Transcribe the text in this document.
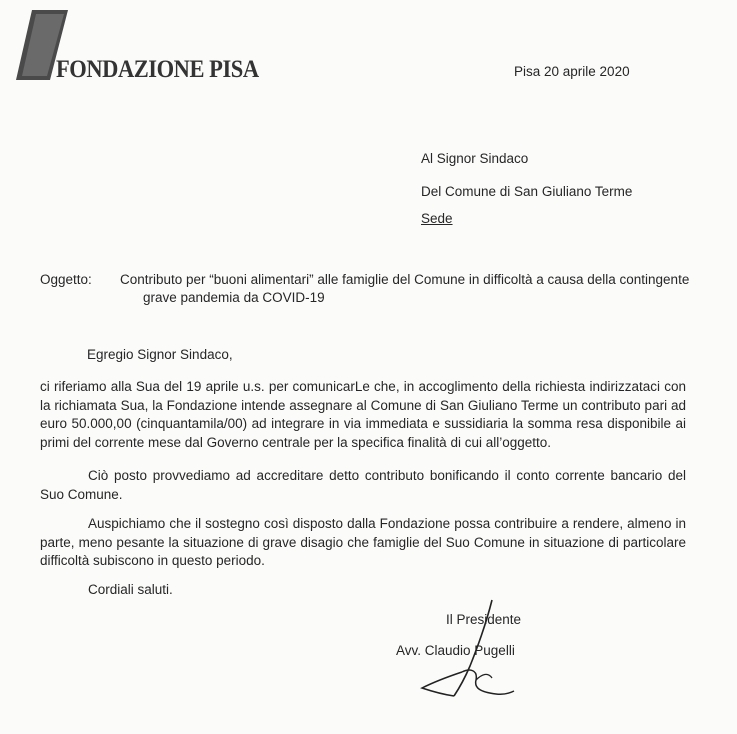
FONDAZIONE PISA	Pisa 20 aprile 2020
Al Signor Sindaco
Del Comune di San Giuliano Terme
Sede
Oggetto: Contributo per “buoni alimentari” alle famiglie del Comune in difficoltà a causa della contingente
grave pandemia da COVID-19
Egregio Signor Sindaco,
ci riferiamo alla Sua del 19 aprile u.s. per comunicarLe che, in accoglimento della richiesta indirizzataci con la richiamata Sua, la Fondazione intende assegnare al Comune di San Giuliano Terme un contributo pari ad euro 50.000,00 (cinquantamila/00) ad integrare in via immediata e sussidiaria la somma resa disponibile ai primi del corrente mese dal Governo centrale per la specifica finalità di cui all’oggetto.
Ciò posto provvediamo ad accreditare detto contributo bonificando il conto corrente bancario del Suo Comune.
Auspichiamo che il sostegno così disposto dalla Fondazione possa contribuire a rendere, almeno in parte, meno pesante la situazione di grave disagio che famiglie del Suo Comune in situazione di particolare difficoltà subiscono in questo periodo.
Cordiali saluti.
Il Presidente
Avv. Claudio Pugelli
